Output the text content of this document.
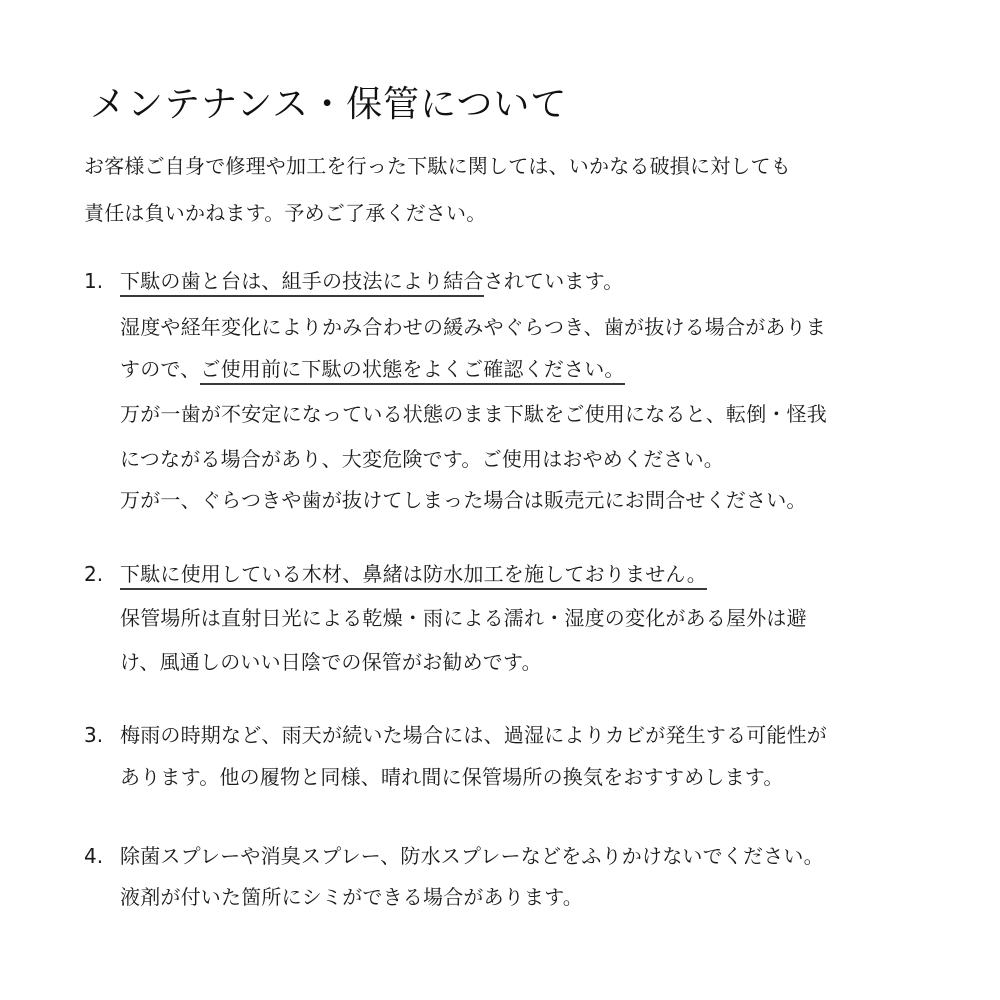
メンテナンス・保管について
お客様ご自身で修理や加工を行った下駄に関しては、いかなる破損に対しても
責任は負いかねます。予めご了承ください。
1. 下駄の歯と台は、組手の技法により結合されています。
湿度や経年変化によりかみ合わせの緩みやぐらつき、歯が抜ける場合がありま
すので、ご使用前に下駄の状態をよくご確認ください。
万が一歯が不安定になっている状態のまま下駄をご使用になると、転倒・怪我
につながる場合があり、大変危険です。ご使用はおやめください。
万が一、ぐらつきや歯が抜けてしまった場合は販売元にお問合せください。
2. 下駄に使用している木材、鼻緒は防水加工を施しておりません。
保管場所は直射日光による乾燥・雨による濡れ・湿度の変化がある屋外は避
け、風通しのいい日陰での保管がお勧めです。
3. 梅雨の時期など、雨天が続いた場合には、過湿によりカビが発生する可能性が
あります。他の履物と同様、晴れ間に保管場所の換気をおすすめします。
4. 除菌スプレーや消臭スプレー、防水スプレーなどをふりかけないでください。
液剤が付いた箇所にシミができる場合があります。
